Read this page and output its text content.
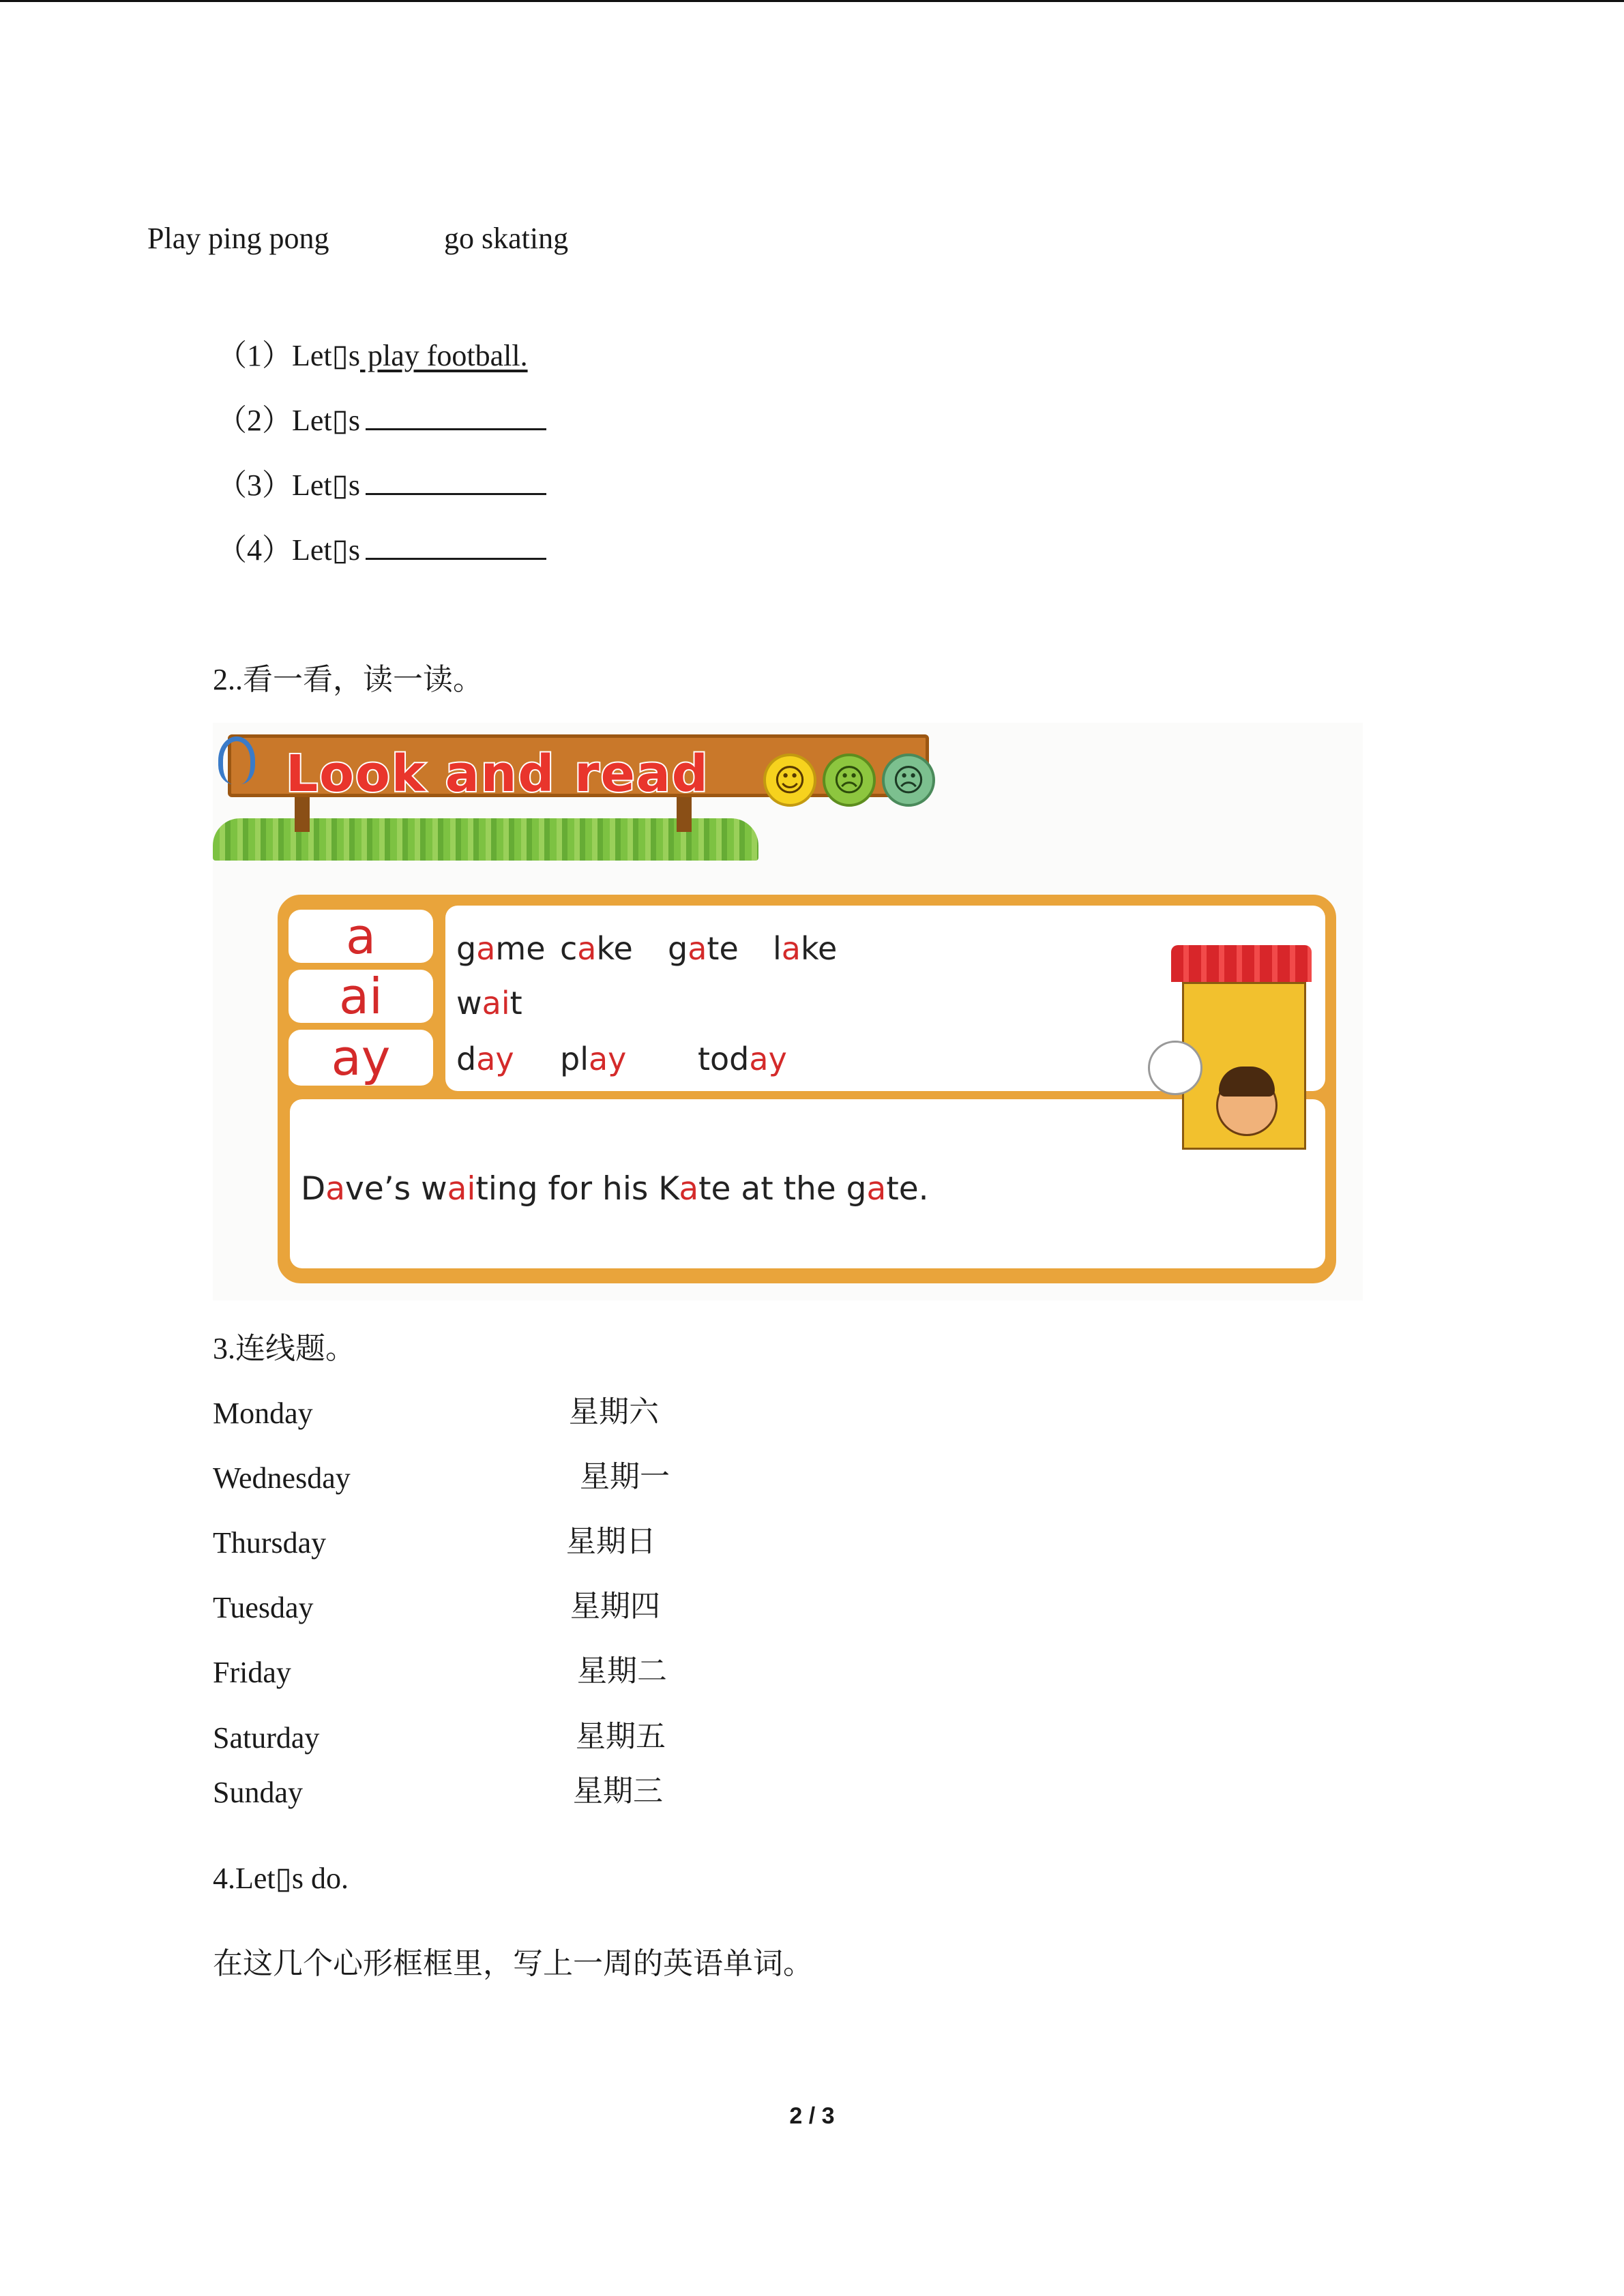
Play ping pong	go skating
（1）Let▯s play football.
（2）Let▯s
（3）Let▯s
（4）Let▯s
2..看一看，读一读。
Look and read	☺ ☹ ☹
a
ai
ay
game cake gate lake
wait
day play today
Dave’s waiting for his Kate at the gate.
3.连线题。
Monday
Wednesday
Thursday
Tuesday
Friday
Saturday
Sunday
星期六
星期一
星期日
星期四
星期二
星期五
星期三
4.Let▯s do.
在这几个心形框框里，写上一周的英语单词。
2 / 3
